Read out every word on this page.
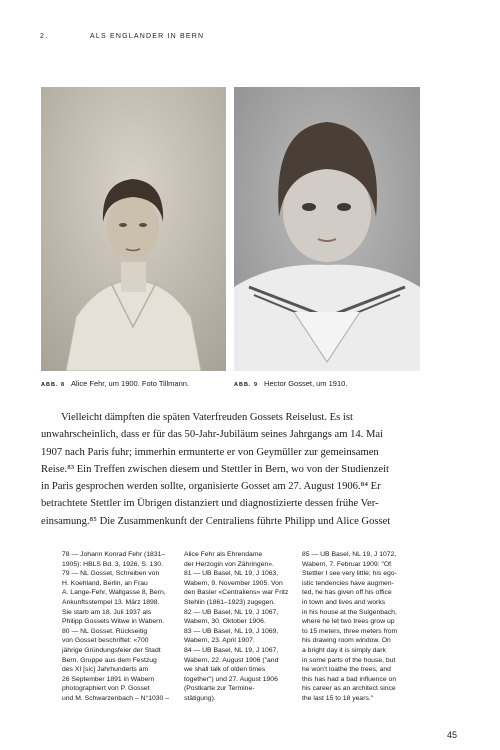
2.	ALS ENGLANDER IN BERN
ABB. 8 Alice Fehr, um 1900. Foto Tillmann.	ABB. 9 Hector Gosset, um 1910.
Vielleicht dämpften die späten Vaterfreuden Gossets Reiselust. Es ist
unwahrscheinlich, dass er für das 50-Jahr-Jubiläum seines Jahrgangs am 14. Mai
1907 nach Paris fuhr; immerhin ermunterte er von Geymüller zur gemeinsamen
Reise.⁸³ Ein Treffen zwischen diesem und Stettler in Bern, wo von der Studienzeit
in Paris gesprochen werden sollte, organisierte Gosset am 27. August 1906.⁸⁴ Er
betrachtete Stettler im Übrigen distanziert und diagnostizierte dessen frühe Ver-
einsamung.⁸⁵ Die Zusammenkunft der Centraliens führte Philipp und Alice Gosset
78 — Johann Konrad Fehr (1831–
1905): HBLS Bd. 3, 1926, S. 130.
79 — NL Gosset, Schreiben von
H. Koehland, Berlin, an Frau
A. Lange-Fehr, Wallgasse 8, Bern,
Ankunftsstempel 13. März 1898.
Sie starb am 18. Juli 1937 als
Philipp Gossets Witwe in Wabern.
80 — NL Gosset. Rückseitig
von Gosset beschriftet: «700
jährige Gründungsfeier der Stadt
Bern. Gruppe aus dem Festzug
des XI [sic] Jahrhunderts am
26 September 1891 in Wabern
photographiert von P. Gosset
und M. Schwarzenbach – N°1030 –
Alice Fehr als Ehrendame
der Herzogin von Zähringen».
81 — UB Basel, NL 19, J 1063,
Wabern, 9. November 1905. Von
den Basler «Centraliens» war Fritz
Stehlin (1861–1923) zugegen.
82 — UB Basel, NL 19, J 1067,
Wabern, 30. Oktober 1906.
83 — UB Basel, NL 19, J 1069,
Wabern, 23. April 1907.
84 — UB Basel, NL 19, J 1067,
Wabern, 22. August 1906 ("and
we shall talk of olden times
together") und 27. August 1906
(Postkarte zur Termine-
stätigung).
85 — UB Basel, NL 19, J 1072,
Wabern, 7. Februar 1909: "Of
Stettler I see very little; his ego-
istic tendencies have augmen-
ted, he has given off his office
in town and lives and works
in his house at the Sulgenbach,
where he let two trees grow up
to 15 meters, three meters from
his drawing room window. On
a bright day it is simply dark
in some parts of the house, but
he won't loathe the trees, and
this has had a bad influence on
his career as an architect since
the last 15 to 18 years."
45
